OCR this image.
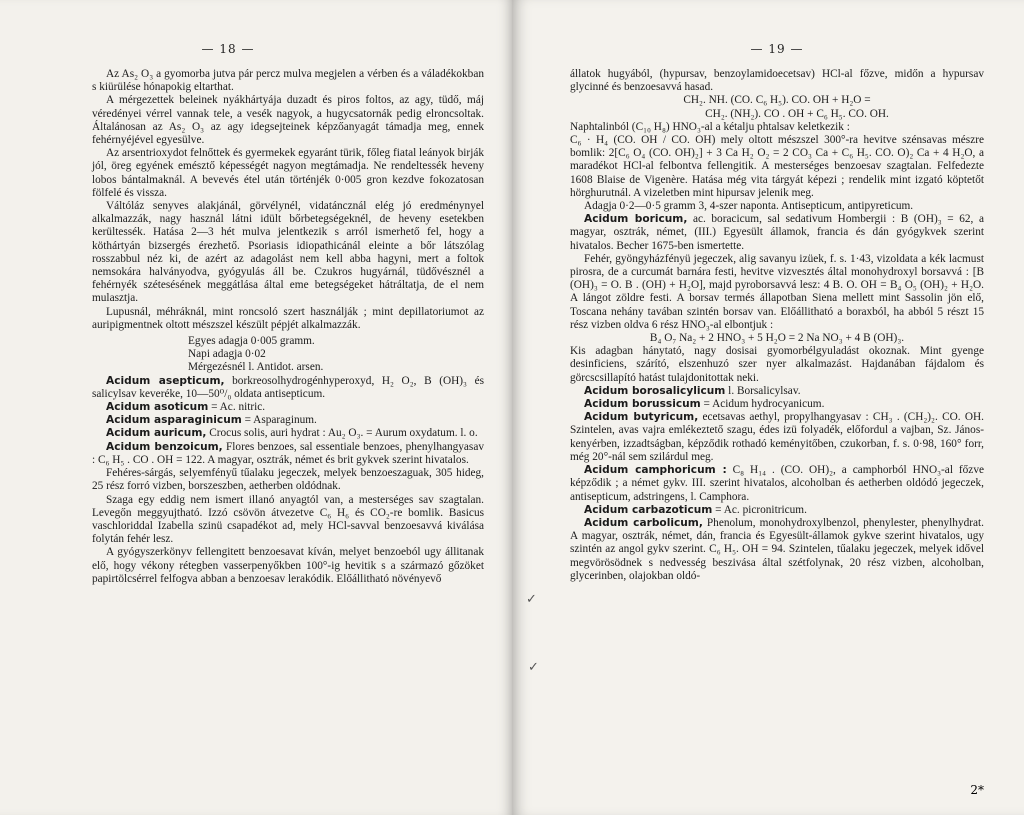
— 18 —

Az As₂ O₃ a gyomorba jutva pár percz mulva megjelen a vérben és a váladékokban s kiürülése hónapokig eltarthat.

A mérgezettek beleinek nyákhártyája duzadt és piros foltos, az agy, tüdő, máj véredényei vérrel vannak tele, a vesék nagyok, a hugycsatornák pedig elroncsoltak. Általánosan az As₂ O₃ az agy idegsejteinek képzőanyagát támadja meg, ennek fehérnyéjével egyesülve.

Az arsentrioxydot felnőttek és gyermekek egyaránt türik, főleg fiatal leányok birják jól, öreg egyének emésztő képességét nagyon megtámadja. Ne rendeltessék heveny lobos bántalmaknál. A bevevés étel után történjék 0·005 gron kezdve fokozatosan fölfelé és vissza.

Váltóláz senyves alakjánál, görvélynél, vidatáncznál elég jó eredménynyel alkalmazzák, nagy használ látni idült bőrbetegségeknél, de heveny esetekben kerültessék. Hatása 2—3 hét mulva jelentkezik s arról ismerhető fel, hogy a köthártyán bizsergés érezhető. Psoriasis idiopathicánál eleinte a bőr látszólag rosszabbul néz ki, de azért az adagolást nem kell abba hagyni, mert a foltok nemsokára halványodva, gyógyulás áll be. Czukros hugyárnál, tüdővésznél a fehérnyék szétesésének meggátlása által eme betegségeket hátráltatja, de el nem mulasztja.

Lupusnál, méhráknál, mint roncsoló szert használják ; mint depillatoriumot az auripigmentnek oltott mészszel készült pépjét alkalmazzák.

Egyes adagja 0·005 gramm.

Napi adagja 0·02

Mérgezésnél l. Antidot. arsen.

Acidum asepticum, borkreosolhydrogénhyperoxyd, H₂ O₂, B (OH)₃ és salicylsav keveréke, 10—50⁰/₀ oldata antisepticum.

Acidum asoticum = Ac. nitric.

Acidum asparaginicum = Asparaginum.

Acidum auricum, Crocus solis, auri hydrat : Au₂ O₃. = Aurum oxydatum. l. o.

Acidum benzoicum, Flores benzoes, sal essentiale benzoes, phenylhangyasav : C₆ H₅ . CO . OH = 122. A magyar, osztrák, német és brit gykvek szerint hivatalos.

Fehéres-sárgás, selyemfényű tűalaku jegeczek, melyek benzoeszaguak, 305 hideg, 25 rész forró vizben, borszeszben, aetherben oldódnak.

Szaga egy eddig nem ismert illanó anyagtól van, a mesterséges sav szagtalan. Levegőn meggyujtható. Izzó csövön átvezetve C₆ H₆ és CO₂-re bomlik. Basicus vaschloriddal Izabella szinü csapadékot ad, mely HCl-savval benzoesavvá kiválása folytán fehér lesz.

A gyógyszerkönyv fellengitett benzoesavat kíván, melyet benzoeból ugy állitanak elő, hogy vékony rétegben vasserpenyőkben 100°-ig hevitik s a származó gőzöket papirtölcsérrel felfogva abban a benzoesav lerakódik. Előállitható növényevő

— 19 —

állatok hugyából, (hypursav, benzoylamidoecetsav) HCl-al főzve, midőn a hypursav glycinné és benzoesavvá hasad.

CH₂. NH. (CO. C₆ H₅). CO. OH + H₂O =

CH₂. (NH₂). CO . OH + C₆ H₅. CO. OH.

Naphtalinból (C₁₀ H₈) HNO₃-al a kétalju phtalsav keletkezik :

C₆ · H₄ (CO. OH / CO. OH) mely oltott mészszel 300°-ra hevitve szénsavas mészre bomlik: 2[C₆ O₄ (CO. OH)₂] + 3 Ca H₂ O₂ = 2 CO₃ Ca + C₆ H₅. CO. O)₂ Ca + 4 H₂O, a maradékot HCl-al felbontva fellengitik. A mesterséges benzoesav szagtalan. Felfedezte 1608 Blaise de Vigenère. Hatása még vita tárgyát képezi ; rendelik mint izgató köptetőt hörghurutnál. A vizeletben mint hipursav jelenik meg.

Adagja 0·2—0·5 gramm 3, 4-szer naponta. Antisepticum, antipyreticum.

Acidum boricum, ac. boracicum, sal sedativum Hombergii : B (OH)₃ = 62, a magyar, osztrák, német, (III.) Egyesült államok, francia és dán gyógykvek szerint hivatalos. Becher 1675-ben ismertette.

Fehér, gyöngyházfényü jegeczek, alig savanyu izüek, f. s. 1·43, vizoldata a kék lacmust pirosra, de a curcumát barnára festi, hevitve vizvesztés által monohydroxyl borsavvá : [B (OH)₃ = O. B . (OH) + H₂O], majd pyroborsavvá lesz: 4 B. O. OH = B₄ O₅ (OH)₂ + H₂O. A lángot zöldre festi. A borsav termés állapotban Siena mellett mint Sassolin jön elő, Toscana nehány tavában szintén borsav van. Előállitható a boraxból, ha abból 5 részt 15 rész vizben oldva 6 rész HNO₃-al elbontjuk :

B₄ O₇ Na₂ + 2 HNO₃ + 5 H₂O = 2 Na NO₃ + 4 B (OH)₃.

Kis adagban hánytató, nagy dosisai gyomorbélgyuladást okoznak. Mint gyenge desinficiens, szárító, elszenhuzó szer nyer alkalmazást. Hajdanában fájdalom és görcscsillapító hatást tulajdonitottak neki.

Acidum borosalicylicum l. Borsalicylsav.

Acidum borussicum = Acidum hydrocyanicum.

Acidum butyricum, ecetsavas aethyl, propylhangyasav : CH₃ . (CH₂)₂. CO. OH. Szintelen, avas vajra emlékeztető szagu, édes izü folyadék, előfordul a vajban, Sz. János-kenyérben, izzadtságban, képződik rothadó keményitőben, czukorban, f. s. 0·98, 160° forr, még 20°-nál sem szilárdul meg.

Acidum camphoricum : C₈ H₁₄ . (CO. OH)₂, a camphorból HNO₃-al főzve képződik ; a német gykv. III. szerint hivatalos, alcoholban és aetherben oldódó jegeczek, antisepticum, adstringens, l. Camphora.

Acidum carbazoticum = Ac. picronitricum.

Acidum carbolicum, Phenolum, monohydroxylbenzol, phenylester, phenylhydrat. A magyar, osztrák, német, dán, francia és Egyesült-államok gykve szerint hivatalos, ugy szintén az angol gykv szerint. C₆ H₅. OH = 94. Szintelen, tűalaku jegeczek, melyek idővel megvörösödnek s nedvesség beszivása által szétfolynak, 20 rész vizben, alcoholban, glycerinben, olajokban oldó-

✓
✓
2*
